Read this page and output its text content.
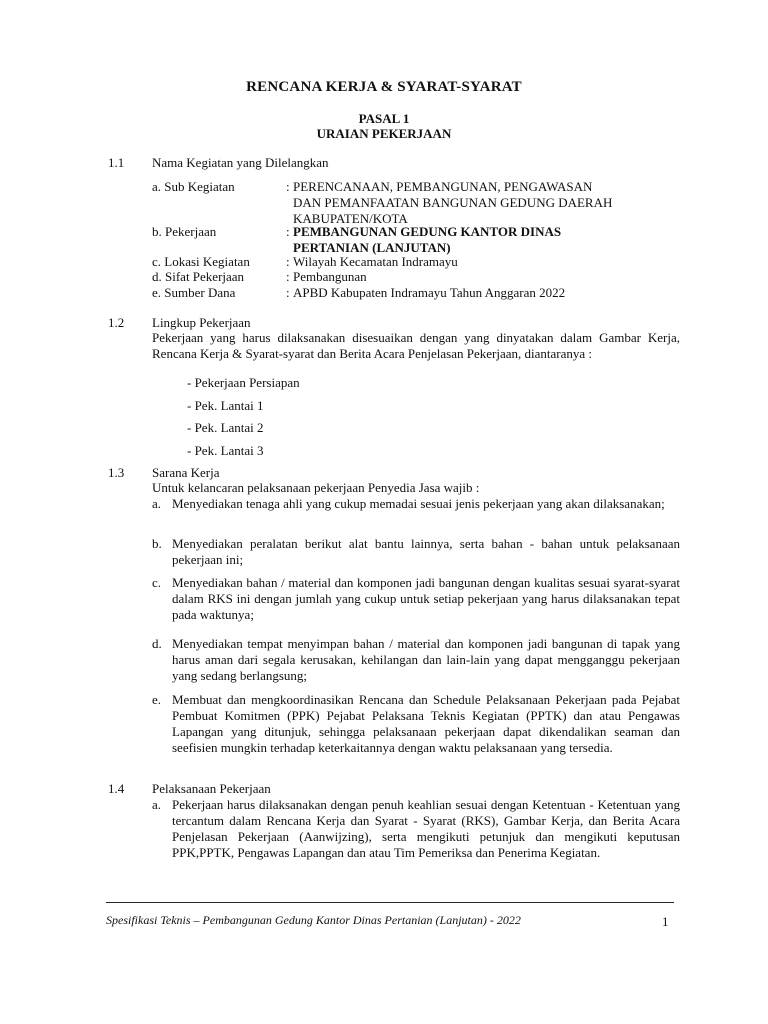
RENCANA KERJA & SYARAT-SYARAT
PASAL 1
URAIAN PEKERJAAN
1.1 Nama Kegiatan yang Dilelangkan
a. Sub Kegiatan	: PERENCANAAN, PEMBANGUNAN, PENGAWASAN
DAN PEMANFAATAN BANGUNAN GEDUNG DAERAH
KABUPATEN/KOTA
b. Pekerjaan	: PEMBANGUNAN GEDUNG KANTOR DINAS
PERTANIAN (LANJUTAN)
c. Lokasi Kegiatan	: Wilayah Kecamatan Indramayu
d. Sifat Pekerjaan	: Pembangunan
e. Sumber Dana	: APBD Kabupaten Indramayu Tahun Anggaran 2022
1.2 Lingkup Pekerjaan
Pekerjaan yang harus dilaksanakan disesuaikan dengan yang dinyatakan dalam Gambar Kerja, Rencana Kerja & Syarat-syarat dan Berita Acara Penjelasan Pekerjaan, diantaranya :
- Pekerjaan Persiapan
- Pek. Lantai 1
- Pek. Lantai 2
- Pek. Lantai 3
1.3 Sarana Kerja
Untuk kelancaran pelaksanaan pekerjaan Penyedia Jasa wajib :
a. Menyediakan tenaga ahli yang cukup memadai sesuai jenis pekerjaan yang akan dilaksanakan;
b. Menyediakan peralatan berikut alat bantu lainnya, serta bahan - bahan untuk pelaksanaan pekerjaan ini;
c. Menyediakan bahan / material dan komponen jadi bangunan dengan kualitas sesuai syarat-syarat dalam RKS ini dengan jumlah yang cukup untuk setiap pekerjaan yang harus dilaksanakan tepat pada waktunya;
d. Menyediakan tempat menyimpan bahan / material dan komponen jadi bangunan di tapak yang harus aman dari segala kerusakan, kehilangan dan lain-lain yang dapat mengganggu pekerjaan yang sedang berlangsung;
e. Membuat dan mengkoordinasikan Rencana dan Schedule Pelaksanaan Pekerjaan pada Pejabat Pembuat Komitmen (PPK) Pejabat Pelaksana Teknis Kegiatan (PPTK) dan atau Pengawas Lapangan yang ditunjuk, sehingga pelaksanaan pekerjaan dapat dikendalikan seaman dan seefisien mungkin terhadap keterkaitannya dengan waktu pelaksanaan yang tersedia.
1.4 Pelaksanaan Pekerjaan
a. Pekerjaan harus dilaksanakan dengan penuh keahlian sesuai dengan Ketentuan - Ketentuan yang tercantum dalam Rencana Kerja dan Syarat - Syarat (RKS), Gambar Kerja, dan Berita Acara Penjelasan Pekerjaan (Aanwijzing), serta mengikuti petunjuk dan mengikuti keputusan PPK,PPTK, Pengawas Lapangan dan atau Tim Pemeriksa dan Penerima Kegiatan.
Spesifikasi Teknis – Pembangunan Gedung Kantor Dinas Pertanian (Lanjutan) - 2022	1
